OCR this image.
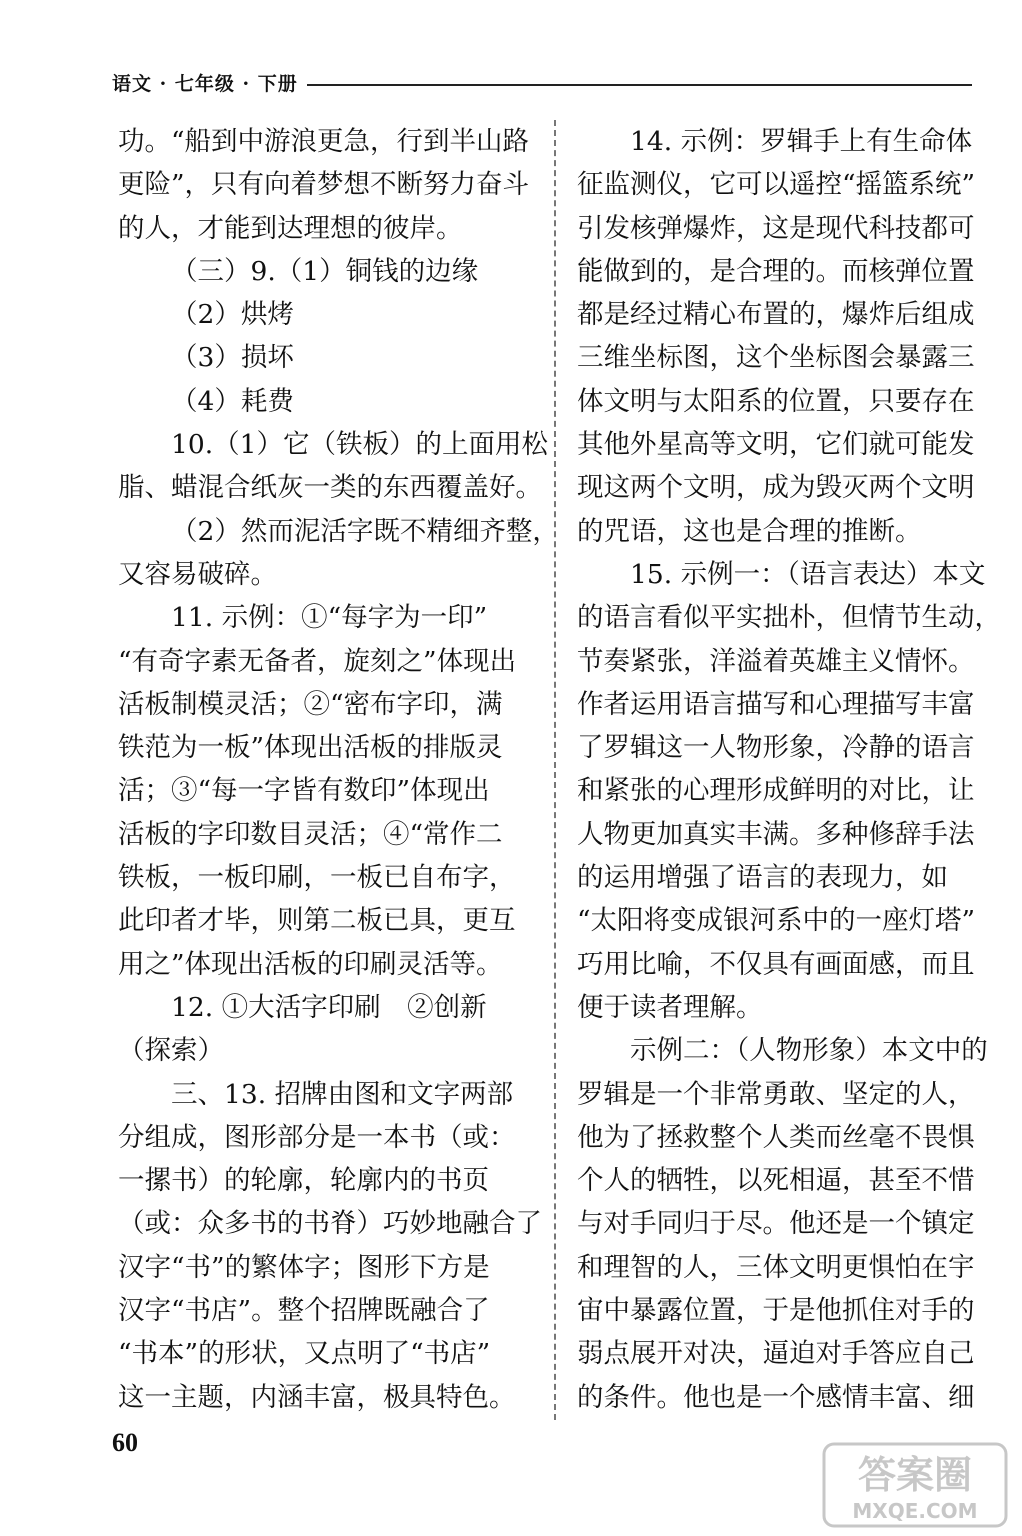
语文 · 七年级 · 下册
功。“船到中游浪更急，行到半山路
更险”，只有向着梦想不断努力奋斗
的人，才能到达理想的彼岸。
（三）9.（1）铜钱的边缘
（2）烘烤
（3）损坏
（4）耗费
10.（1）它（铁板）的上面用松
脂、蜡混合纸灰一类的东西覆盖好。
（2）然而泥活字既不精细齐整，
又容易破碎。
11. 示例：①“每字为一印”
“有奇字素无备者，旋刻之”体现出
活板制模灵活；②“密布字印，满
铁范为一板”体现出活板的排版灵
活；③“每一字皆有数印”体现出
活板的字印数目灵活；④“常作二
铁板，一板印刷，一板已自布字，
此印者才毕，则第二板已具，更互
用之”体现出活板的印刷灵活等。
12. ①大活字印刷　②创新
（探索）
三、13. 招牌由图和文字两部
分组成，图形部分是一本书（或：
一摞书）的轮廓，轮廓内的书页
（或：众多书的书脊）巧妙地融合了
汉字“书”的繁体字；图形下方是
汉字“书店”。整个招牌既融合了
“书本”的形状，又点明了“书店”
这一主题，内涵丰富，极具特色。
14. 示例：罗辑手上有生命体
征监测仪，它可以遥控“摇篮系统”
引发核弹爆炸，这是现代科技都可
能做到的，是合理的。而核弹位置
都是经过精心布置的，爆炸后组成
三维坐标图，这个坐标图会暴露三
体文明与太阳系的位置，只要存在
其他外星高等文明，它们就可能发
现这两个文明，成为毁灭两个文明
的咒语，这也是合理的推断。
15. 示例一：（语言表达）本文
的语言看似平实拙朴，但情节生动，
节奏紧张，洋溢着英雄主义情怀。
作者运用语言描写和心理描写丰富
了罗辑这一人物形象，冷静的语言
和紧张的心理形成鲜明的对比，让
人物更加真实丰满。多种修辞手法
的运用增强了语言的表现力，如
“太阳将变成银河系中的一座灯塔”
巧用比喻，不仅具有画面感，而且
便于读者理解。
示例二：（人物形象）本文中的
罗辑是一个非常勇敢、坚定的人，
他为了拯救整个人类而丝毫不畏惧
个人的牺牲，以死相逼，甚至不惜
与对手同归于尽。他还是一个镇定
和理智的人，三体文明更惧怕在宇
宙中暴露位置，于是他抓住对手的
弱点展开对决，逼迫对手答应自己
的条件。他也是一个感情丰富、细
60
答案圈
MXQE.COM
